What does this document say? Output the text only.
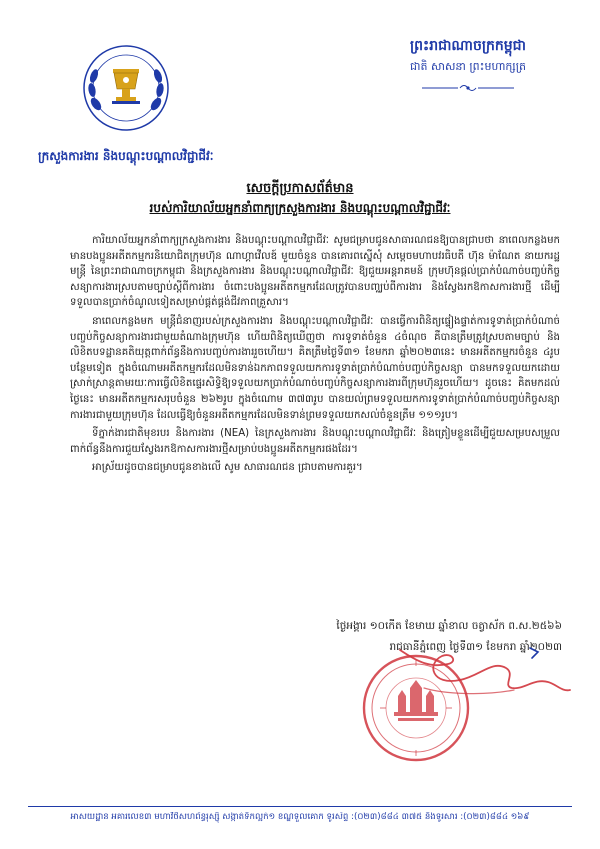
ព្រះរាជាណាចក្រកម្ពុជា
ជាតិ សាសនា ព្រះមហាក្សត្រ
ក្រសួងការងារ និងបណ្តុះបណ្តាលវិជ្ជាជីវៈ
សេចក្តីប្រកាសព័ត៌មាន
របស់ការិយាល័យអ្នកនាំពាក្យក្រសួងការងារ និងបណ្តុះបណ្តាលវិជ្ជាជីវៈ

ការិយាល័យអ្នកនាំពាក្យក្រសួងការងារ និងបណ្តុះបណ្តាលវិជ្ជាជីវៈ សូមជម្រាបជូនសាធារណជនឱ្យបានជ្រាបថា នាពេលកន្លងមក មានបងប្អូនអតីតកម្មករនិយោជិតក្រុមហ៊ុន ណាហ្គាវើលឌ៍ មួយចំនួន បានគោរពស្នើសុំ សម្តេចមហាបវរធិបតី ហ៊ុន ម៉ាណែត នាយករដ្ឋមន្ត្រី នៃព្រះរាជាណាចក្រកម្ពុជា និងក្រសួងការងារ និងបណ្តុះបណ្តាលវិជ្ជាជីវៈ ឱ្យជួយអន្តរាគមន៍ ក្រុមហ៊ុនផ្តល់ប្រាក់បំណាច់បញ្ចប់កិច្ចសន្យាការងារស្របតាមច្បាប់ស្តីពីការងារ ចំពោះបងប្អូនអតីតកម្មករដែលត្រូវបានបញ្ឈប់ពីការងារ និងស្វែងរកឱកាសការងារថ្មី ដើម្បីទទួលបានប្រាក់ចំណូលទៀតសម្រាប់ផ្គត់ផ្គង់ជីវភាពគ្រួសារ។

នាពេលកន្លងមក មន្ត្រីជំនាញរបស់ក្រសួងការងារ និងបណ្តុះបណ្តាលវិជ្ជាជីវៈ បានធ្វើការពិនិត្យផ្ទៀងផ្ទាត់ការទូទាត់ប្រាក់បំណាច់បញ្ចប់កិច្ចសន្យាការងារជាមួយតំណាងក្រុមហ៊ុន ហើយពិនិត្យឃើញថា ការទូទាត់ចំនួន ៤ចំណុច គឺបានត្រឹមត្រូវស្របតាមច្បាប់ និងលិខិតបទដ្ឋានគតិយុត្តពាក់ព័ន្ធនឹងការបញ្ចប់ការងាររួចហើយ។ គិតត្រឹមថ្ងៃទី៣១ ខែមករា ឆ្នាំ២០២៣នេះ មានអតីតកម្មករចំនួន ៤រូប បន្ថែមទៀត ក្នុងចំណោមអតីតកម្មករដែលមិនទាន់ឯកភាពទទួលយកការទូទាត់ប្រាក់បំណាច់បញ្ចប់កិច្ចសន្យា បានមកទទួលយកដោយស្រាក់ស្រាន្តតាមរយៈការធ្វើលិខិតផ្ទេរសិទ្ធិឱ្យទទួលយកប្រាក់បំណាច់បញ្ចប់កិច្ចសន្យាការងារពីក្រុមហ៊ុនរួចហើយ។ ដូចនេះ គិតមកដល់ថ្ងៃនេះ មានអតីតកម្មករសរុបចំនួន ២៦២រូប ក្នុងចំណោម ៣៧៣រូប បានយល់ព្រមទទួលយកការទូទាត់ប្រាក់បំណាច់បញ្ចប់កិច្ចសន្យាការងារជាមួយក្រុមហ៊ុន ដែលធ្វើឱ្យចំនួនអតីតកម្មករដែលមិនទាន់ព្រមទទួលយកសល់ចំនួនត្រឹម ១១១រូប។

ទីភ្នាក់ងារជាតិមុខរបរ និងការងារ (NEA) នៃក្រសួងការងារ និងបណ្តុះបណ្តាលវិជ្ជាជីវៈ និងត្រៀមខ្លួនដើម្បីជួយសម្របសម្រួលពាក់ព័ន្ធនឹងការជួយស្វែងរកឱកាសការងារថ្មីសម្រាប់បងប្អូនអតីតកម្មករផងដែរ។

អាស្រ័យដូចបានជម្រាបជូនខាងលើ សូម សាធារណជន ជ្រាបតាមការគួរ។

ថ្ងៃអង្គារ ១០កើត ខែមាឃ ឆ្នាំខាល ចត្វាស័ក ព.ស.២៥៦៦
រាជធានីភ្នំពេញ ថ្ងៃទី៣១ ខែមករា ឆ្នាំ២០២៣
អាសយដ្ឋាន អគារលេខ៣ មហាវិថីសហព័ន្ធរុស្ស៊ី សង្កាត់ទឹកល្អក់១ ខណ្ឌទួលគោក ទូរស័ព្ទ :(០២៣)៨៨៤ ៣៧៥ និងទូរសារ :(០២៣)៨៨៤ ១៦៩
